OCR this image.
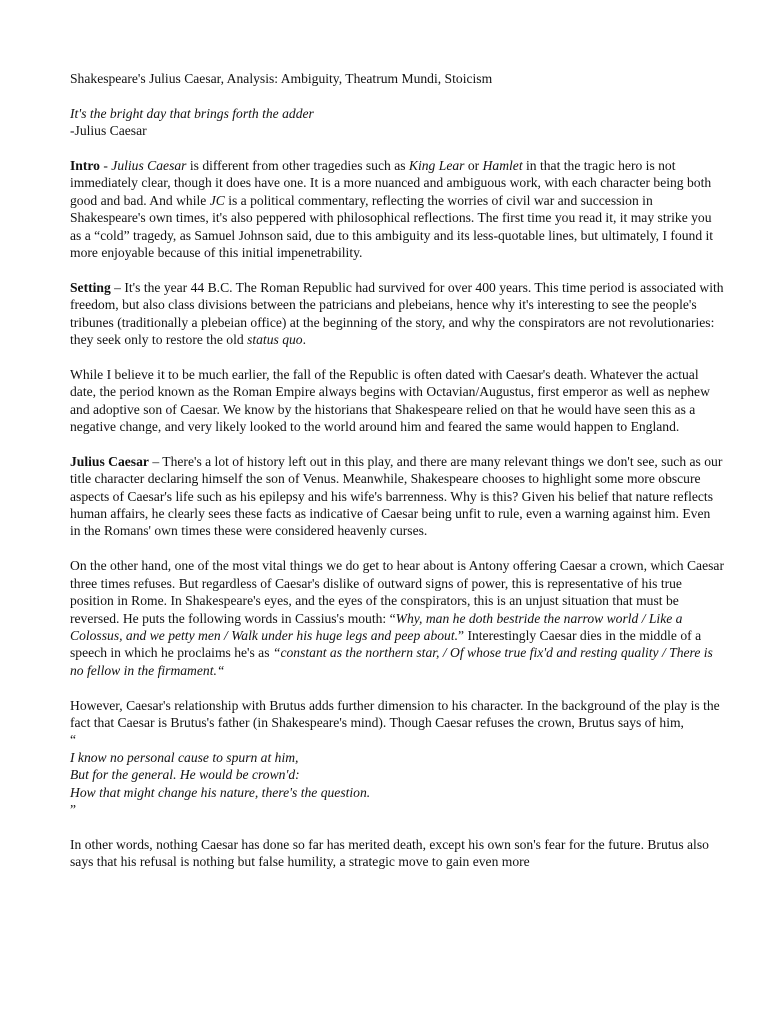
Shakespeare's Julius Caesar, Analysis: Ambiguity, Theatrum Mundi, Stoicism

It's the bright day that brings forth the adder
-Julius Caesar

Intro - Julius Caesar is different from other tragedies such as King Lear or Hamlet in that the tragic hero is not immediately clear, though it does have one. It is a more nuanced and ambiguous work, with each character being both good and bad. And while JC is a political commentary, reflecting the worries of civil war and succession in Shakespeare's own times, it's also peppered with philosophical reflections. The first time you read it, it may strike you as a “cold” tragedy, as Samuel Johnson said, due to this ambiguity and its less-quotable lines, but ultimately, I found it more enjoyable because of this initial impenetrability.

Setting – It's the year 44 B.C. The Roman Republic had survived for over 400 years. This time period is associated with freedom, but also class divisions between the patricians and plebeians, hence why it's interesting to see the people's tribunes (traditionally a plebeian office) at the beginning of the story, and why the conspirators are not revolutionaries: they seek only to restore the old status quo.

While I believe it to be much earlier, the fall of the Republic is often dated with Caesar's death. Whatever the actual date, the period known as the Roman Empire always begins with Octavian/Augustus, first emperor as well as nephew and adoptive son of Caesar. We know by the historians that Shakespeare relied on that he would have seen this as a negative change, and very likely looked to the world around him and feared the same would happen to England.

Julius Caesar – There's a lot of history left out in this play, and there are many relevant things we don't see, such as our title character declaring himself the son of Venus. Meanwhile, Shakespeare chooses to highlight some more obscure aspects of Caesar's life such as his epilepsy and his wife's barrenness. Why is this? Given his belief that nature reflects human affairs, he clearly sees these facts as indicative of Caesar being unfit to rule, even a warning against him. Even in the Romans' own times these were considered heavenly curses.

On the other hand, one of the most vital things we do get to hear about is Antony offering Caesar a crown, which Caesar three times refuses. But regardless of Caesar's dislike of outward signs of power, this is representative of his true position in Rome. In Shakespeare's eyes, and the eyes of the conspirators, this is an unjust situation that must be reversed. He puts the following words in Cassius's mouth: “Why, man he doth bestride the narrow world / Like a Colossus, and we petty men / Walk under his huge legs and peep about.” Interestingly Caesar dies in the middle of a speech in which he proclaims he's as “constant as the northern star, / Of whose true fix'd and resting quality / There is no fellow in the firmament.“

However, Caesar's relationship with Brutus adds further dimension to his character. In the background of the play is the fact that Caesar is Brutus's father (in Shakespeare's mind). Though Caesar refuses the crown, Brutus says of him,
“
I know no personal cause to spurn at him,
But for the general. He would be crown'd:
How that might change his nature, there's the question.
”

In other words, nothing Caesar has done so far has merited death, except his own son's fear for the future. Brutus also says that his refusal is nothing but false humility, a strategic move to gain even more
